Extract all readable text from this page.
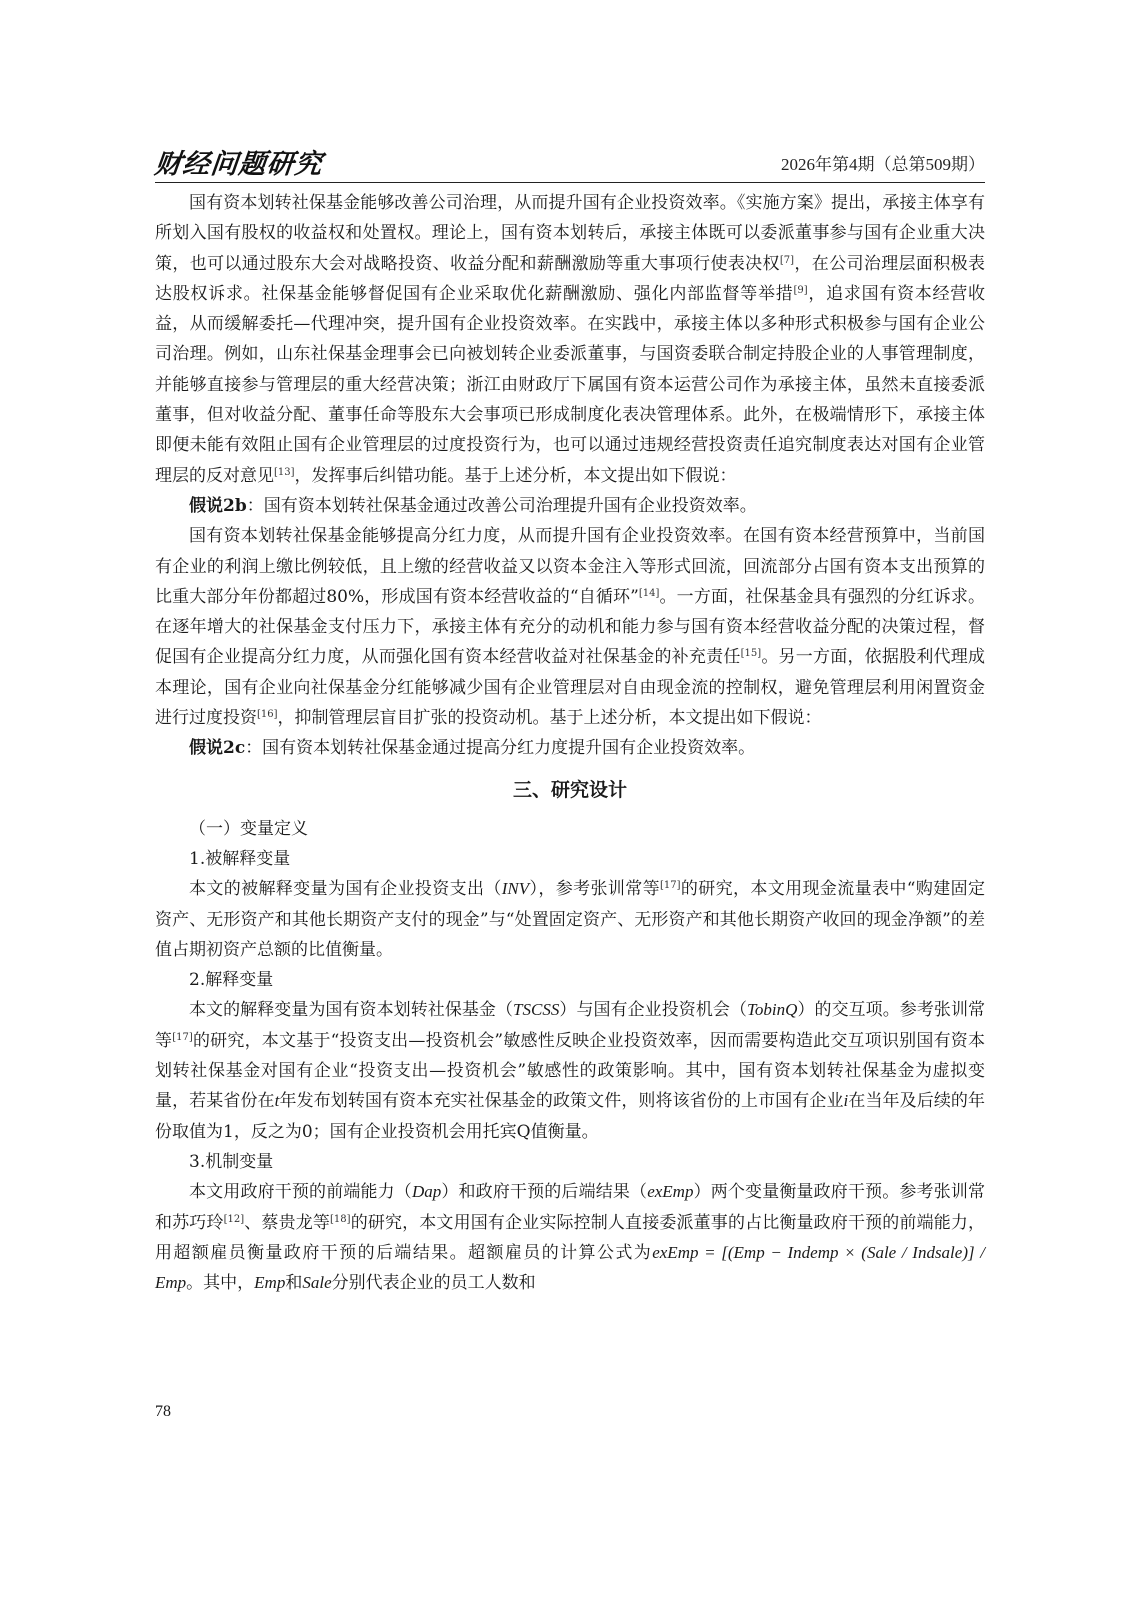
财经问题研究	2026年第4期（总第509期）

国有资本划转社保基金能够改善公司治理，从而提升国有企业投资效率。《实施方案》提出，承接主体享有所划入国有股权的收益权和处置权。理论上，国有资本划转后，承接主体既可以委派董事参与国有企业重大决策，也可以通过股东大会对战略投资、收益分配和薪酬激励等重大事项行使表决权[7]，在公司治理层面积极表达股权诉求。社保基金能够督促国有企业采取优化薪酬激励、强化内部监督等举措[9]，追求国有资本经营收益，从而缓解委托—代理冲突，提升国有企业投资效率。在实践中，承接主体以多种形式积极参与国有企业公司治理。例如，山东社保基金理事会已向被划转企业委派董事，与国资委联合制定持股企业的人事管理制度，并能够直接参与管理层的重大经营决策；浙江由财政厅下属国有资本运营公司作为承接主体，虽然未直接委派董事，但对收益分配、董事任命等股东大会事项已形成制度化表决管理体系。此外，在极端情形下，承接主体即便未能有效阻止国有企业管理层的过度投资行为，也可以通过违规经营投资责任追究制度表达对国有企业管理层的反对意见[13]，发挥事后纠错功能。基于上述分析，本文提出如下假说：

假说2b：国有资本划转社保基金通过改善公司治理提升国有企业投资效率。

国有资本划转社保基金能够提高分红力度，从而提升国有企业投资效率。在国有资本经营预算中，当前国有企业的利润上缴比例较低，且上缴的经营收益又以资本金注入等形式回流，回流部分占国有资本支出预算的比重大部分年份都超过80%，形成国有资本经营收益的“自循环”[14]。一方面，社保基金具有强烈的分红诉求。在逐年增大的社保基金支付压力下，承接主体有充分的动机和能力参与国有资本经营收益分配的决策过程，督促国有企业提高分红力度，从而强化国有资本经营收益对社保基金的补充责任[15]。另一方面，依据股利代理成本理论，国有企业向社保基金分红能够减少国有企业管理层对自由现金流的控制权，避免管理层利用闲置资金进行过度投资[16]，抑制管理层盲目扩张的投资动机。基于上述分析，本文提出如下假说：

假说2c：国有资本划转社保基金通过提高分红力度提升国有企业投资效率。

三、研究设计
（一）变量定义
1.被解释变量

本文的被解释变量为国有企业投资支出（INV），参考张训常等[17]的研究，本文用现金流量表中“购建固定资产、无形资产和其他长期资产支付的现金”与“处置固定资产、无形资产和其他长期资产收回的现金净额”的差值占期初资产总额的比值衡量。

2.解释变量

本文的解释变量为国有资本划转社保基金（TSCSS）与国有企业投资机会（TobinQ）的交互项。参考张训常等[17]的研究，本文基于“投资支出—投资机会”敏感性反映企业投资效率，因而需要构造此交互项识别国有资本划转社保基金对国有企业“投资支出—投资机会”敏感性的政策影响。其中，国有资本划转社保基金为虚拟变量，若某省份在t年发布划转国有资本充实社保基金的政策文件，则将该省份的上市国有企业i在当年及后续的年份取值为1，反之为0；国有企业投资机会用托宾Q值衡量。

3.机制变量

本文用政府干预的前端能力（Dap）和政府干预的后端结果（exEmp）两个变量衡量政府干预。参考张训常和苏巧玲[12]、蔡贵龙等[18]的研究，本文用国有企业实际控制人直接委派董事的占比衡量政府干预的前端能力，用超额雇员衡量政府干预的后端结果。超额雇员的计算公式为exEmp = [(Emp − Indemp × (Sale / Indsale)] / Emp。其中，Emp和Sale分别代表企业的员工人数和

78
